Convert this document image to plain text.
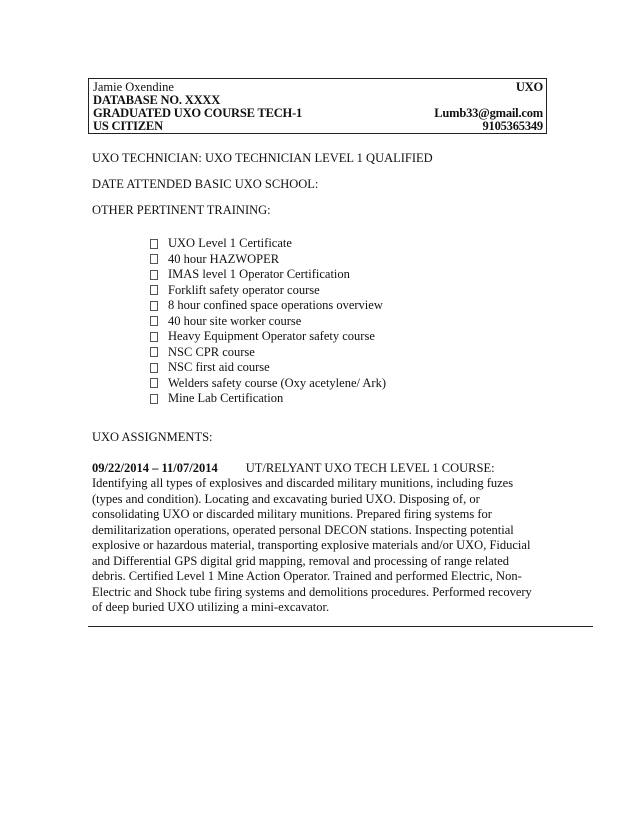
Jamie Oxendine	UXO
DATABASE NO. XXXX
GRADUATED UXO COURSE TECH-1	Lumb33@gmail.com
US CITIZEN	9105365349
UXO TECHNICIAN: UXO TECHNICIAN LEVEL 1 QUALIFIED
DATE ATTENDED BASIC UXO SCHOOL:
OTHER PERTINENT TRAINING:
UXO Level 1 Certificate
40 hour HAZWOPER
IMAS level 1 Operator Certification
Forklift safety operator course
8 hour confined space operations overview
40 hour site worker course
Heavy Equipment Operator safety course
NSC CPR course
NSC first aid course
Welders safety course (Oxy acetylene/ Ark)
Mine Lab Certification
UXO ASSIGNMENTS:
09/22/2014 – 11/07/2014 UT/RELYANT UXO TECH LEVEL 1 COURSE:
Identifying all types of explosives and discarded military munitions, including fuzes
(types and condition). Locating and excavating buried UXO. Disposing of, or
consolidating UXO or discarded military munitions. Prepared firing systems for
demilitarization operations, operated personal DECON stations. Inspecting potential
explosive or hazardous material, transporting explosive materials and/or UXO, Fiducial
and Differential GPS digital grid mapping, removal and processing of range related
debris. Certified Level 1 Mine Action Operator. Trained and performed Electric, Non-
Electric and Shock tube firing systems and demolitions procedures. Performed recovery
of deep buried UXO utilizing a mini-excavator.
